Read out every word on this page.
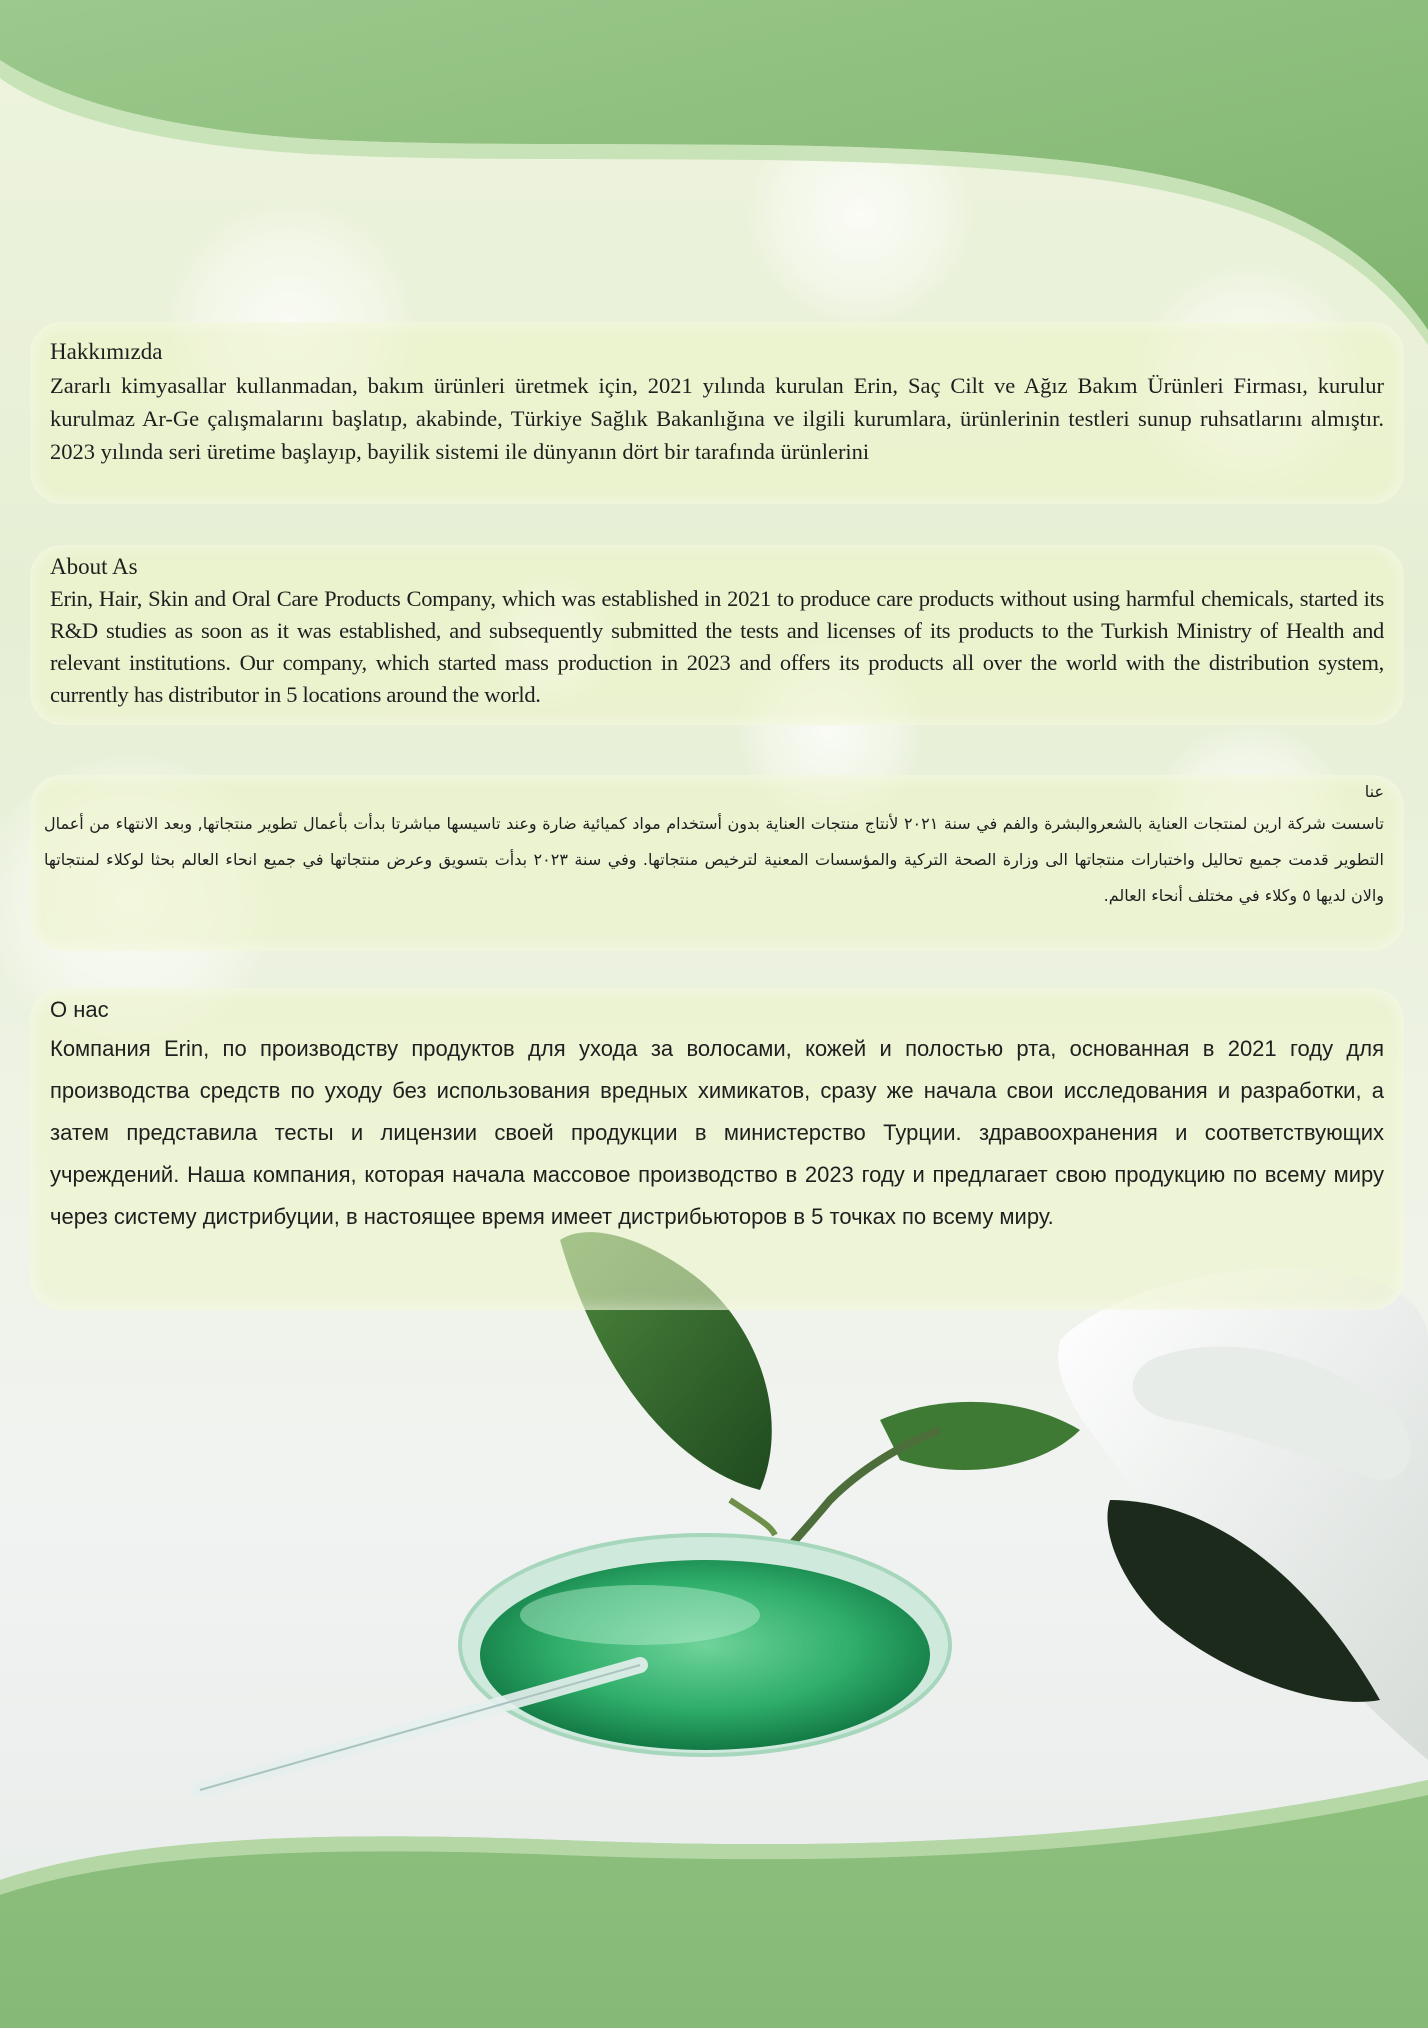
Hakkımızda
Zararlı kimyasallar kullanmadan, bakım ürünleri üretmek için, 2021 yılında kurulan Erin, Saç Cilt ve Ağız Bakım Ürünleri Firması, kurulur kurulmaz Ar-Ge çalışmalarını başlatıp, akabinde, Türkiye Sağlık Bakanlığına ve ilgili kurumlara, ürünlerinin testleri sunup ruhsatlarını almıştır. 2023 yılında seri üretime başlayıp, bayilik sistemi ile dünyanın dört bir tarafında ürünlerini
About As
Erin, Hair, Skin and Oral Care Products Company, which was established in 2021 to produce care products without using harmful chemicals, started its R&D studies as soon as it was established, and subsequently submitted the tests and licenses of its products to the Turkish Ministry of Health and relevant institutions. Our company, which started mass production in 2023 and offers its products all over the world with the distribution system, currently has distributor in 5 locations around the world.
عنا
تاسست شركة ارين لمنتجات العناية بالشعروالبشرة والفم في سنة ٢٠٢١ لأنتاج منتجات العناية بدون أستخدام مواد كميائية ضارة وعند تاسيسها مباشرتا بدأت بأعمال تطوير منتجاتها, وبعد الانتهاء من أعمال التطوير قدمت جميع تحاليل واختبارات منتجاتها الى وزارة الصحة التركية والمؤسسات المعنية لترخيص منتجاتها. وفي سنة ٢٠٢٣ بدأت بتسويق وعرض منتجاتها في جميع انحاء العالم بحثا لوكلاء لمنتجاتها والان لديها ٥ وكلاء في مختلف أنحاء العالم.
О нас
Компания Erin, по производству продуктов для ухода за волосами, кожей и полостью рта, основанная в 2021 году для производства средств по уходу без использования вредных химикатов, сразу же начала свои исследования и разработки, а затем представила тесты и лицензии своей продукции в министерство Турции. здравоохранения и соответствующих учреждений. Наша компания, которая начала массовое производство в 2023 году и предлагает свою продукцию по всему миру через систему дистрибуции, в настоящее время имеет дистрибьюторов в 5 точках по всему миру.
